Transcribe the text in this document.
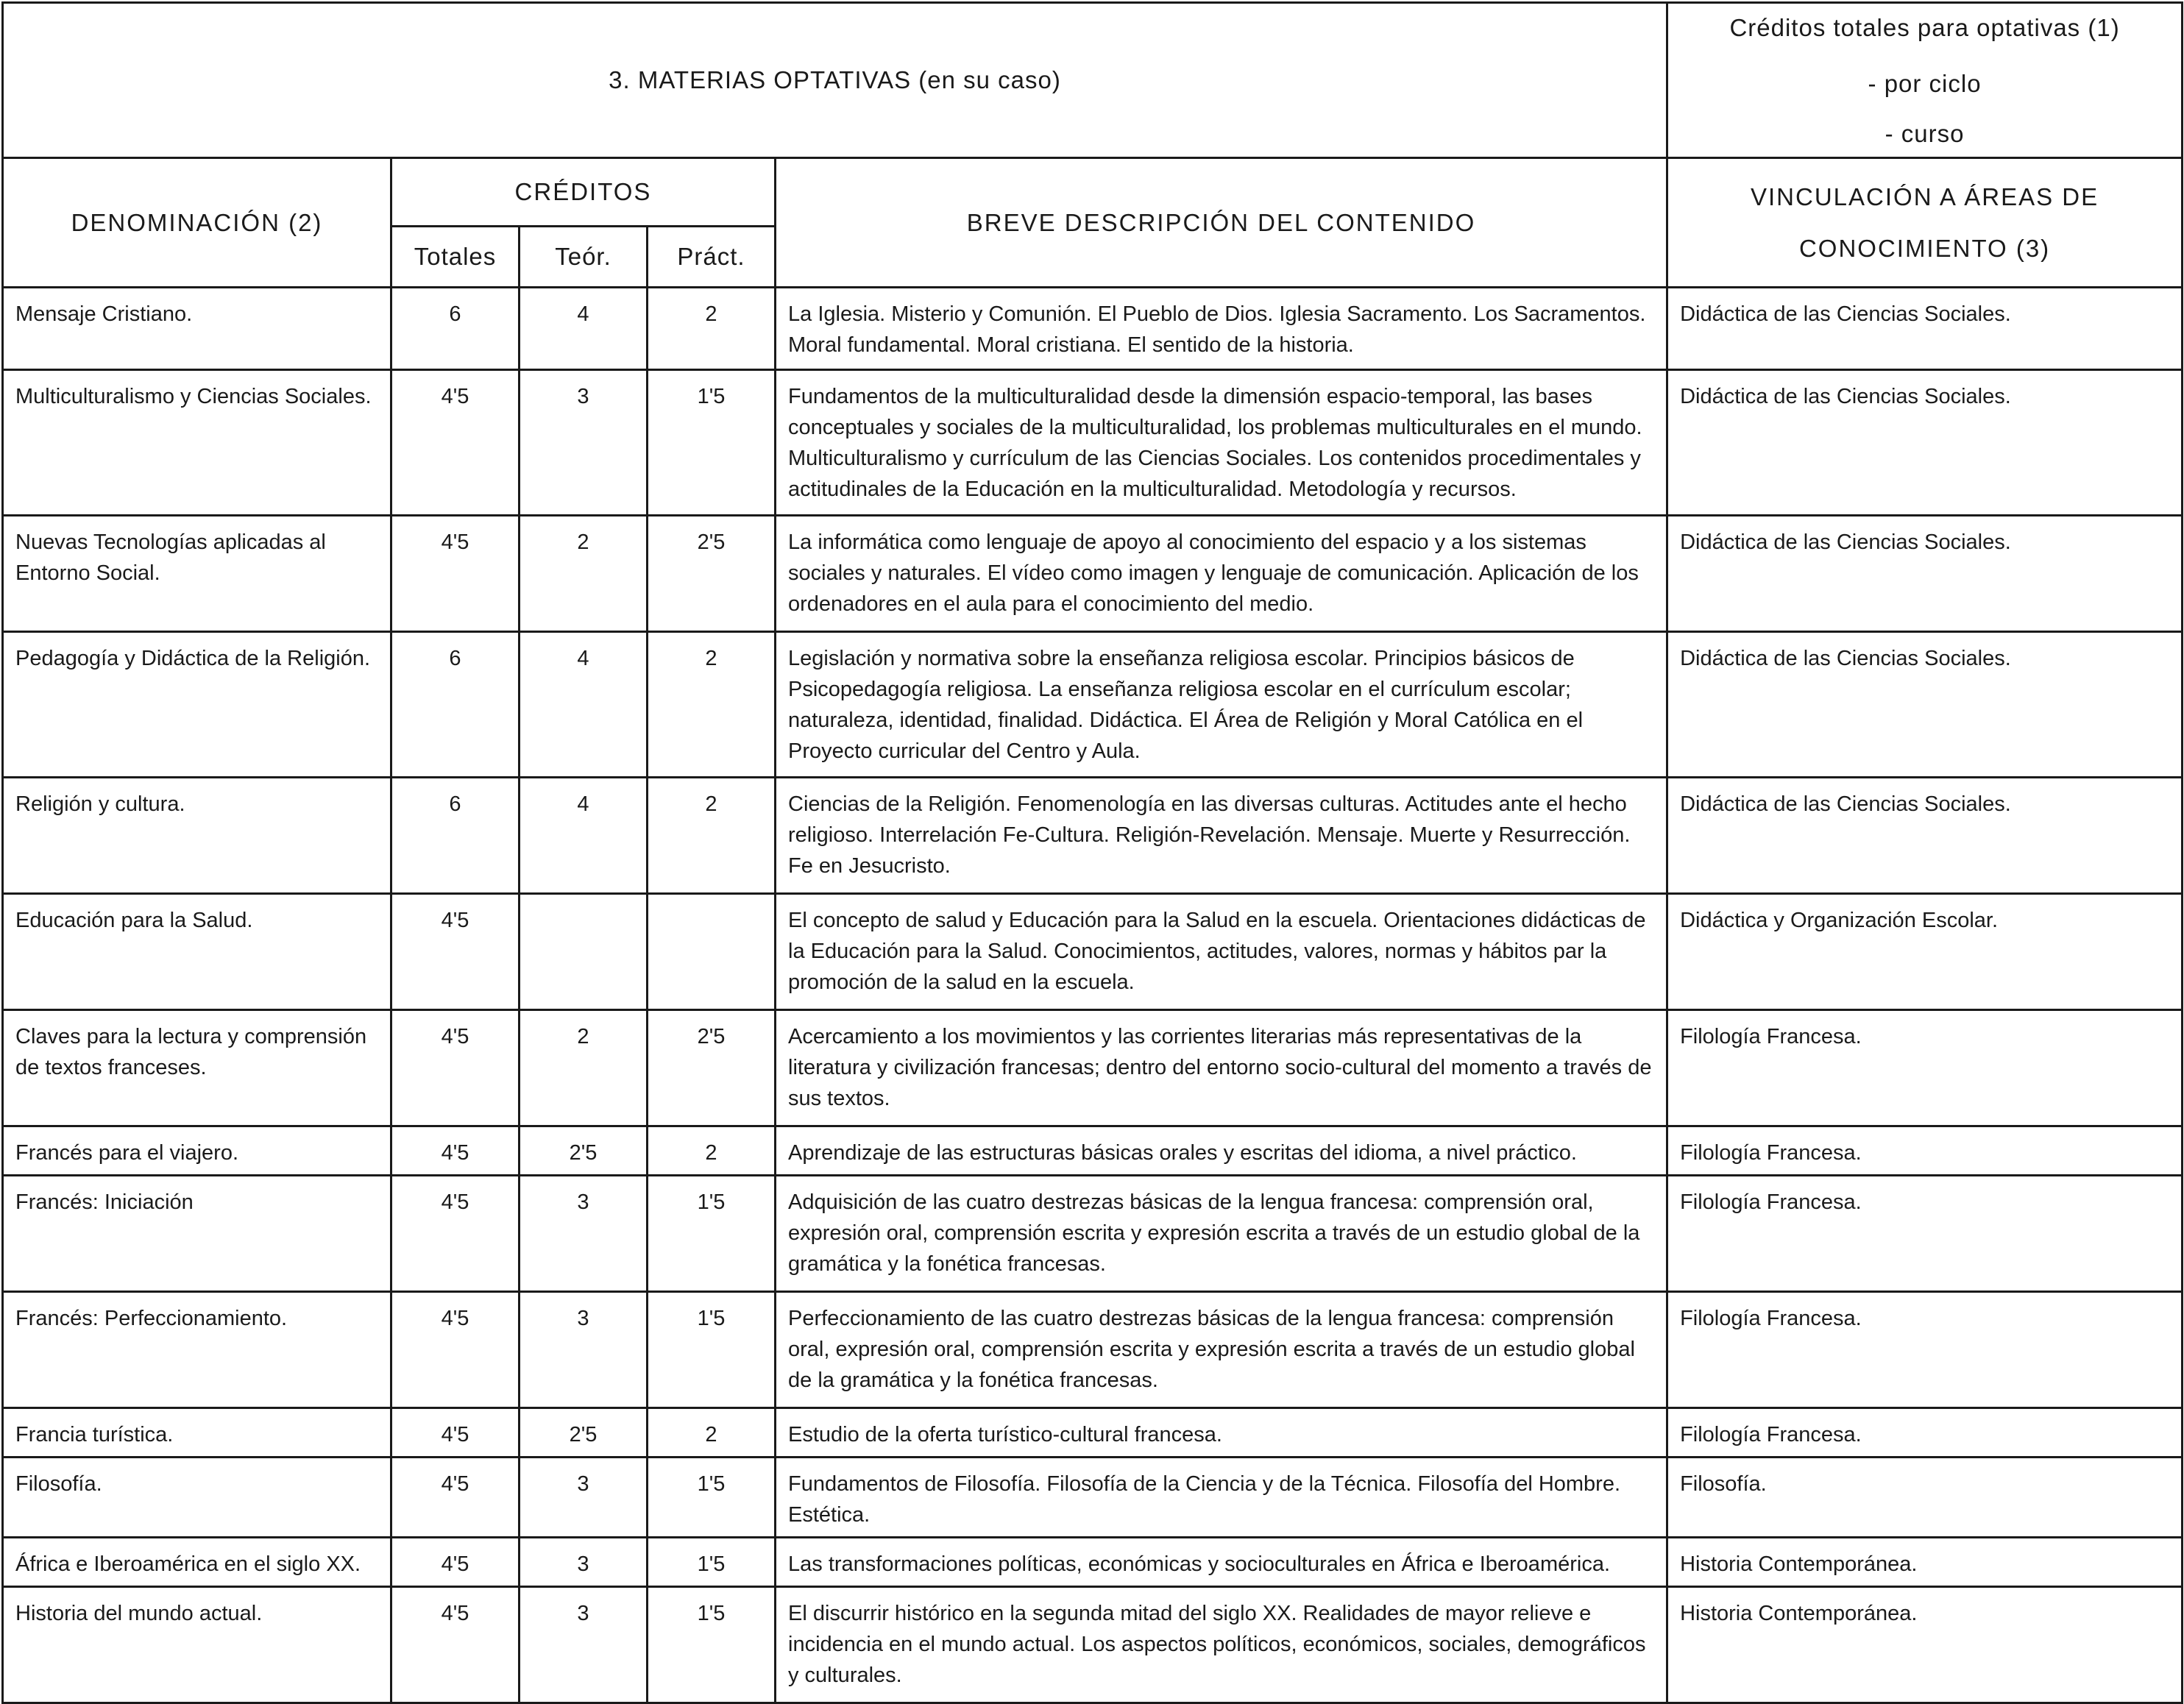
3. MATERIAS OPTATIVAS (en su caso)					Créditos totales para optativas (1)
- por ciclo
- curso

DENOMINACIÓN (2)	CRÉDITOS			BREVE DESCRIPCIÓN DEL CONTENIDO	VINCULACIÓN A ÁREAS DE
CONOCIMIENTO (3)

	Totales	Teór.	Práct.		
Mensaje Cristiano.	6	4	2	La Iglesia. Misterio y Comunión. El Pueblo de Dios. Iglesia Sacramento. Los Sacramentos. Moral fundamental. Moral cristiana. El sentido de la historia.	Didáctica de las Ciencias Sociales.
Multiculturalismo y Ciencias Sociales.	4'5	3	1'5	Fundamentos de la multiculturalidad desde la dimensión espacio-temporal, las bases conceptuales y sociales de la multiculturalidad, los problemas multiculturales en el mundo. Multiculturalismo y currículum de las Ciencias Sociales. Los contenidos procedimentales y actitudinales de la Educación en la multiculturalidad. Metodología y recursos.	Didáctica de las Ciencias Sociales.
Nuevas Tecnologías aplicadas al Entorno Social.	4'5	2	2'5	La informática como lenguaje de apoyo al conocimiento del espacio y a los sistemas sociales y naturales. El vídeo como imagen y lenguaje de comunicación. Aplicación de los ordenadores en el aula para el conocimiento del medio.	Didáctica de las Ciencias Sociales.
Pedagogía y Didáctica de la Religión.	6	4	2	Legislación y normativa sobre la enseñanza religiosa escolar. Principios básicos de Psicopedagogía religiosa. La enseñanza religiosa escolar en el currículum escolar; naturaleza, identidad, finalidad. Didáctica. El Área de Religión y Moral Católica en el Proyecto curricular del Centro y Aula.	Didáctica de las Ciencias Sociales.
Religión y cultura.	6	4	2	Ciencias de la Religión. Fenomenología en las diversas culturas. Actitudes ante el hecho religioso. Interrelación Fe-Cultura. Religión-Revelación. Mensaje. Muerte y Resurrección. Fe en Jesucristo.	Didáctica de las Ciencias Sociales.
Educación para la Salud.	4'5			El concepto de salud y Educación para la Salud en la escuela. Orientaciones didácticas de la Educación para la Salud. Conocimientos, actitudes, valores, normas y hábitos par la promoción de la salud en la escuela.	Didáctica y Organización Escolar.
Claves para la lectura y comprensión de textos franceses.	4'5	2	2'5	Acercamiento a los movimientos y las corrientes literarias más representativas de la literatura y civilización francesas; dentro del entorno socio-cultural del momento a través de sus textos.	Filología Francesa.
Francés para el viajero.	4'5	2'5	2	Aprendizaje de las estructuras básicas orales y escritas del idioma, a nivel práctico.	Filología Francesa.
Francés: Iniciación	4'5	3	1'5	Adquisición de las cuatro destrezas básicas de la lengua francesa: comprensión oral, expresión oral, comprensión escrita y expresión escrita a través de un estudio global de la gramática y la fonética francesas.	Filología Francesa.
Francés: Perfeccionamiento.	4'5	3	1'5	Perfeccionamiento de las cuatro destrezas básicas de la lengua francesa: comprensión oral, expresión oral, comprensión escrita y expresión escrita a través de un estudio global de la gramática y la fonética francesas.	Filología Francesa.
Francia turística.	4'5	2'5	2	Estudio de la oferta turístico-cultural francesa.	Filología Francesa.
Filosofía.	4'5	3	1'5	Fundamentos de Filosofía. Filosofía de la Ciencia y de la Técnica. Filosofía del Hombre. Estética.	Filosofía.
África e Iberoamérica en el siglo XX.	4'5	3	1'5	Las transformaciones políticas, económicas y socioculturales en África e Iberoamérica.	Historia Contemporánea.
Historia del mundo actual.	4'5	3	1'5	El discurrir histórico en la segunda mitad del siglo XX. Realidades de mayor relieve e incidencia en el mundo actual. Los aspectos políticos, económicos, sociales, demográficos y culturales.	Historia Contemporánea.
